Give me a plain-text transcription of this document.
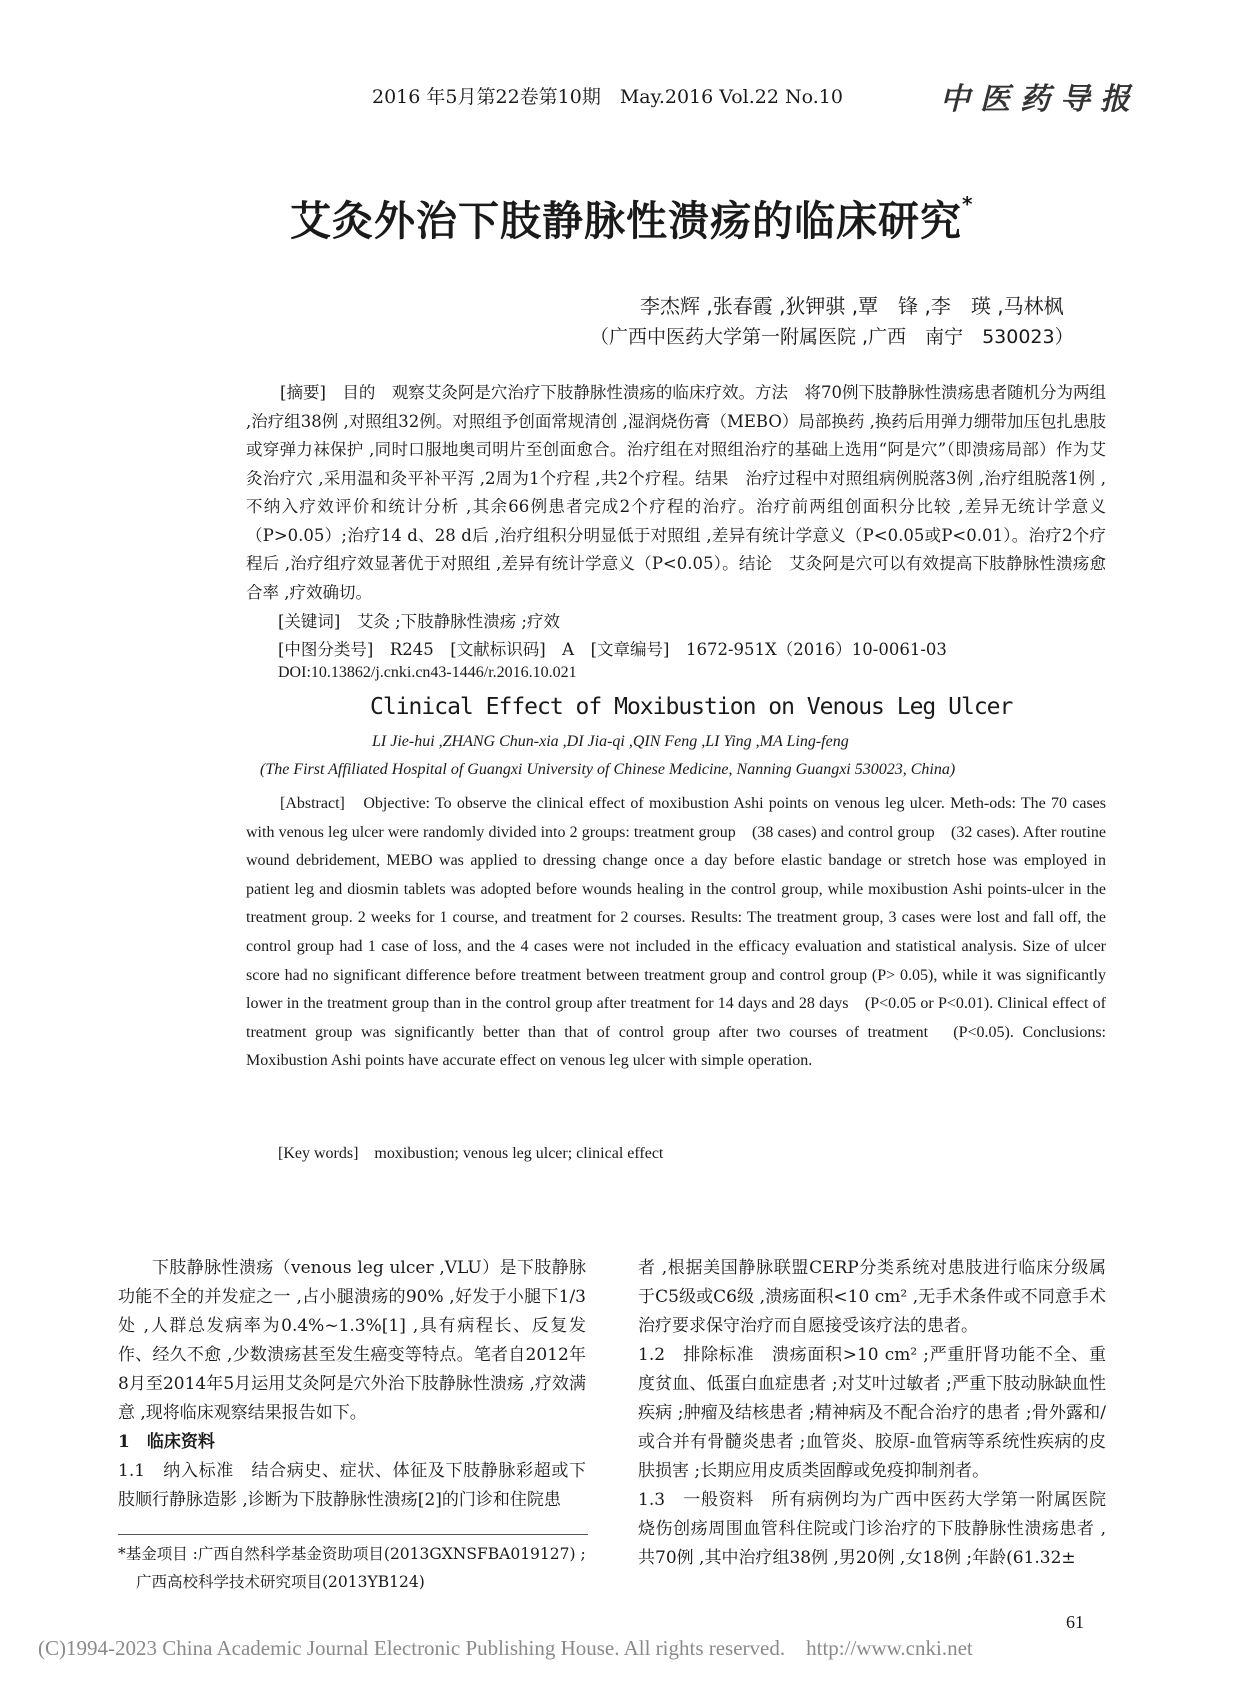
2016 年5月第22卷第10期　May.2016 Vol.22 No.10	中医药导报
艾灸外治下肢静脉性溃疡的临床研究*
李杰辉 ,张春霞 ,狄钾骐 ,覃　锋 ,李　瑛 ,马林枫
（广西中医药大学第一附属医院 ,广西　南宁　530023）
[摘要]　目的　观察艾灸阿是穴治疗下肢静脉性溃疡的临床疗效。方法　将70例下肢静脉性溃疡患者随机分为两组 ,治疗组38例 ,对照组32例。对照组予创面常规清创 ,湿润烧伤膏（MEBO）局部换药 ,换药后用弹力绷带加压包扎患肢或穿弹力袜保护 ,同时口服地奥司明片至创面愈合。治疗组在对照组治疗的基础上选用“阿是穴”（即溃疡局部）作为艾灸治疗穴 ,采用温和灸平补平泻 ,2周为1个疗程 ,共2个疗程。结果　治疗过程中对照组病例脱落3例 ,治疗组脱落1例 ,不纳入疗效评价和统计分析 ,其余66例患者完成2个疗程的治疗。治疗前两组创面积分比较 ,差异无统计学意义（P>0.05）;治疗14 d、28 d后 ,治疗组积分明显低于对照组 ,差异有统计学意义（P<0.05或P<0.01）。治疗2个疗程后 ,治疗组疗效显著优于对照组 ,差异有统计学意义（P<0.05）。结论　艾灸阿是穴可以有效提高下肢静脉性溃疡愈合率 ,疗效确切。
[关键词]　艾灸 ;下肢静脉性溃疡 ;疗效
[中图分类号]　R245　[文献标识码]　A　[文章编号]　1672-951X（2016）10-0061-03
DOI:10.13862/j.cnki.cn43-1446/r.2016.10.021
Clinical Effect of Moxibustion on Venous Leg Ulcer
LI Jie-hui ,ZHANG Chun-xia ,DI Jia-qi ,QIN Feng ,LI Ying ,MA Ling-feng
(The First Affiliated Hospital of Guangxi University of Chinese Medicine, Nanning Guangxi 530023, China)
[Abstract]　Objective: To observe the clinical effect of moxibustion Ashi points on venous leg ulcer. Meth-ods: The 70 cases with venous leg ulcer were randomly divided into 2 groups: treatment group　(38 cases) and control group　(32 cases). After routine wound debridement, MEBO was applied to dressing change once a day before elastic bandage or stretch hose was employed in patient leg and diosmin tablets was adopted before wounds healing in the control group, while moxibustion Ashi points-ulcer in the treatment group. 2 weeks for 1 course, and treatment for 2 courses. Results: The treatment group, 3 cases were lost and fall off, the control group had 1 case of loss, and the 4 cases were not included in the efficacy evaluation and statistical analysis. Size of ulcer score had no significant difference before treatment between treatment group and control group (P> 0.05), while it was significantly lower in the treatment group than in the control group after treatment for 14 days and 28 days　(P<0.05 or P<0.01). Clinical effect of treatment group was significantly better than that of control group after two courses of treatment　(P<0.05). Conclusions: Moxibustion Ashi points have accurate effect on venous leg ulcer with simple operation.
[Key words]　moxibustion; venous leg ulcer; clinical effect

下肢静脉性溃疡（venous leg ulcer ,VLU）是下肢静脉功能不全的并发症之一 ,占小腿溃疡的90% ,好发于小腿下1/3处 ,人群总发病率为0.4%~1.3%[1] ,具有病程长、反复发作、经久不愈 ,少数溃疡甚至发生癌变等特点。笔者自2012年8月至2014年5月运用艾灸阿是穴外治下肢静脉性溃疡 ,疗效满意 ,现将临床观察结果报告如下。

1　临床资料

1.1　纳入标准　结合病史、症状、体征及下肢静脉彩超或下肢顺行静脉造影 ,诊断为下肢静脉性溃疡[2]的门诊和住院患

者 ,根据美国静脉联盟CERP分类系统对患肢进行临床分级属于C5级或C6级 ,溃疡面积<10 cm² ,无手术条件或不同意手术治疗要求保守治疗而自愿接受该疗法的患者。

1.2　排除标准　溃疡面积>10 cm² ;严重肝肾功能不全、重度贫血、低蛋白血症患者 ;对艾叶过敏者 ;严重下肢动脉缺血性疾病 ;肿瘤及结核患者 ;精神病及不配合治疗的患者 ;骨外露和/或合并有骨髓炎患者 ;血管炎、胶原-血管病等系统性疾病的皮肤损害 ;长期应用皮质类固醇或免疫抑制剂者。

1.3　一般资料　所有病例均为广西中医药大学第一附属医院烧伤创疡周围血管科住院或门诊治疗的下肢静脉性溃疡患者 ,共70例 ,其中治疗组38例 ,男20例 ,女18例 ;年龄(61.32±

*基金项目 :广西自然科学基金资助项目(2013GXNSFBA019127) ;
广西高校科学技术研究项目(2013YB124)
61
(C)1994-2023 China Academic Journal Electronic Publishing House. All rights reserved.　http://www.cnki.net
